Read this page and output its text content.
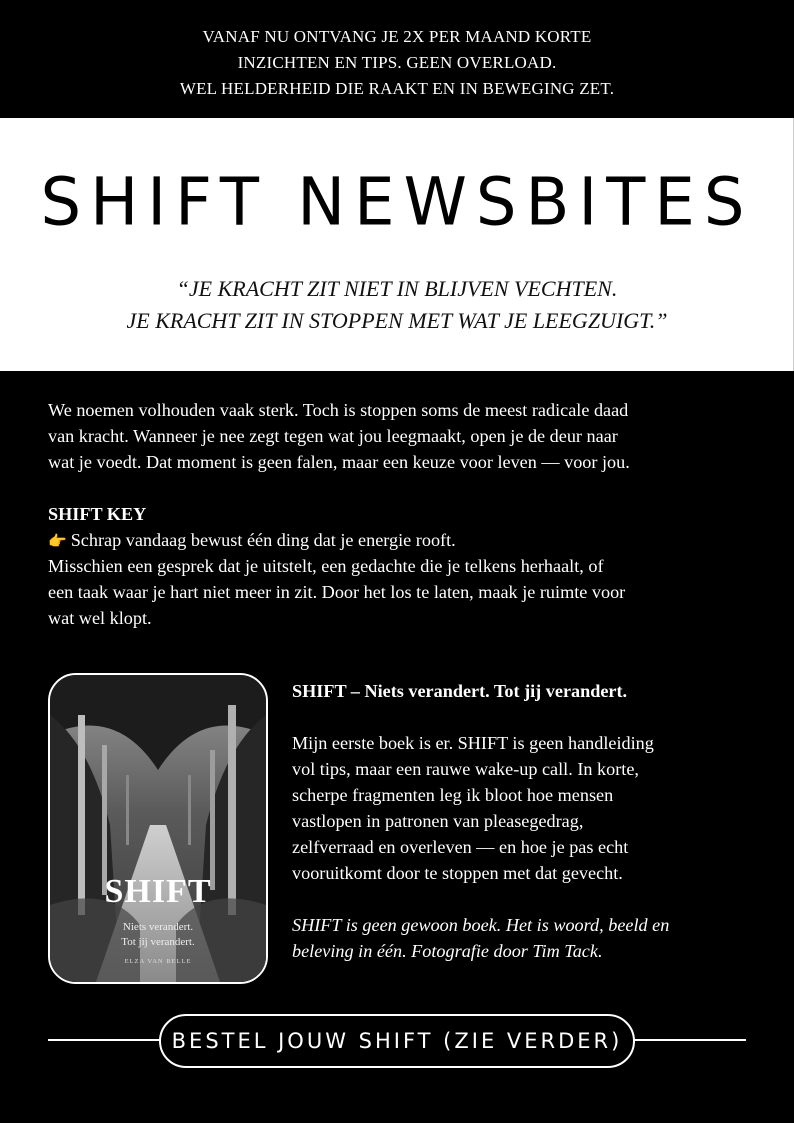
VANAF NU ONTVANG JE 2X PER MAAND KORTE

INZICHTEN EN TIPS. GEEN OVERLOAD.

WEL HELDERHEID DIE RAAKT EN IN BEWEGING ZET.

SHIFT NEWSBITES

“JE KRACHT ZIT NIET IN BLIJVEN VECHTEN.

JE KRACHT ZIT IN STOPPEN MET WAT JE LEEGZUIGT.”

We noemen volhouden vaak sterk. Toch is stoppen soms de meest radicale daad

van kracht. Wanneer je nee zegt tegen wat jou leegmaakt, open je de deur naar

wat je voedt. Dat moment is geen falen, maar een keuze voor leven — voor jou.

SHIFT KEY

👉 Schrap vandaag bewust één ding dat je energie rooft.

Misschien een gesprek dat je uitstelt, een gedachte die je telkens herhaalt, of

een taak waar je hart niet meer in zit. Door het los te laten, maak je ruimte voor

wat wel klopt.

SHIFT

Niets verandert.

Tot jij verandert.

ELZA VAN BELLE

SHIFT – Niets verandert. Tot jij verandert.

Mijn eerste boek is er. SHIFT is geen handleiding

vol tips, maar een rauwe wake-up call. In korte,

scherpe fragmenten leg ik bloot hoe mensen

vastlopen in patronen van pleasegedrag,

zelfverraad en overleven — en hoe je pas echt

vooruitkomt door te stoppen met dat gevecht.

SHIFT is geen gewoon boek. Het is woord, beeld en

beleving in één. Fotografie door Tim Tack.

BESTEL JOUW SHIFT (ZIE VERDER)
